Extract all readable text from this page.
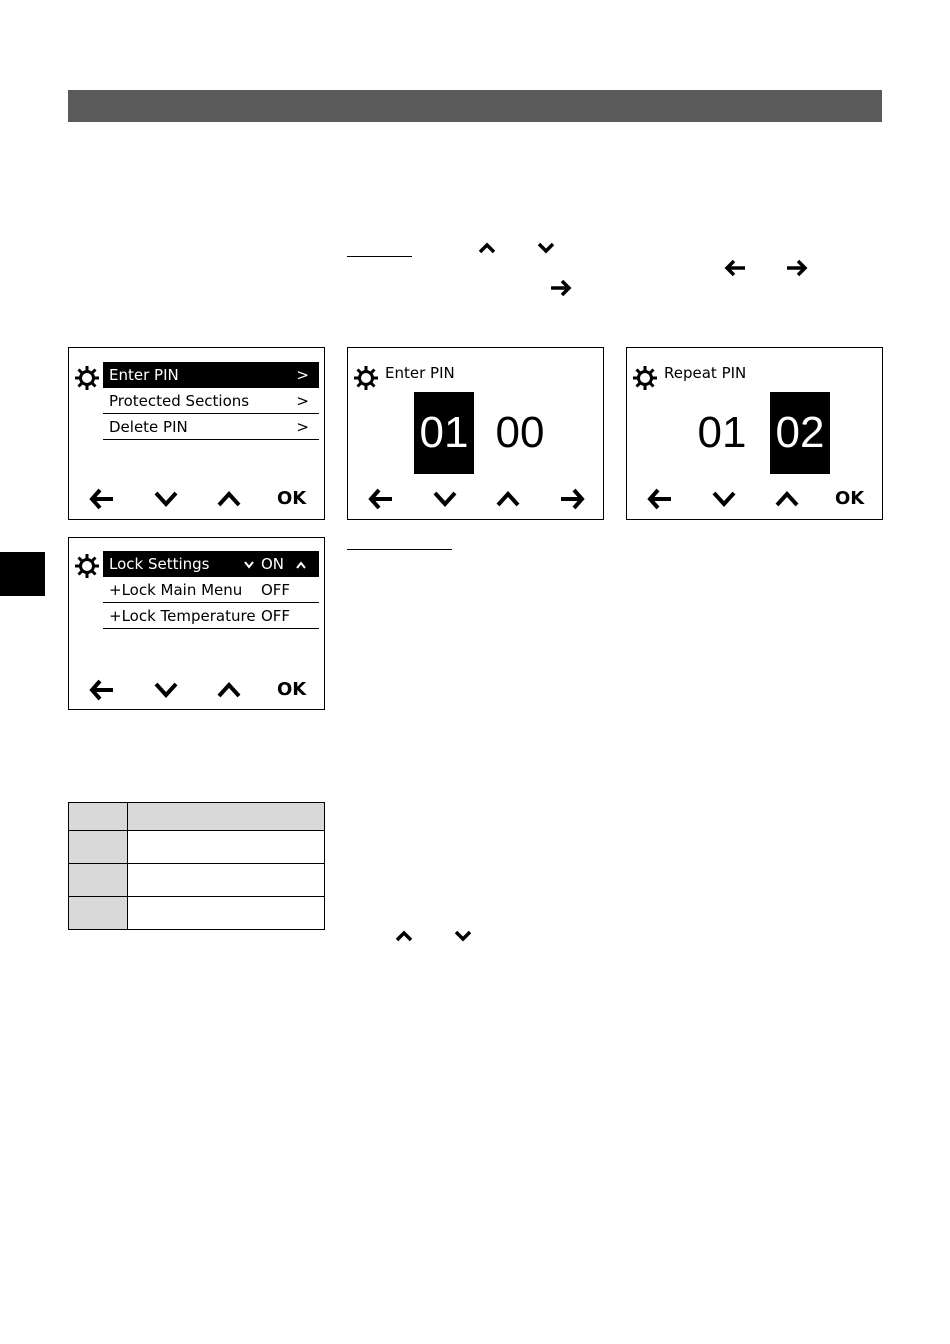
Enter PIN	>
Protected Sections	>
Delete PIN	>
OK
Enter PIN
01 00
Repeat PIN
01 02
OK
Lock Settings	ON
+Lock Main Menu OFF
+Lock Temperature OFF
OK
